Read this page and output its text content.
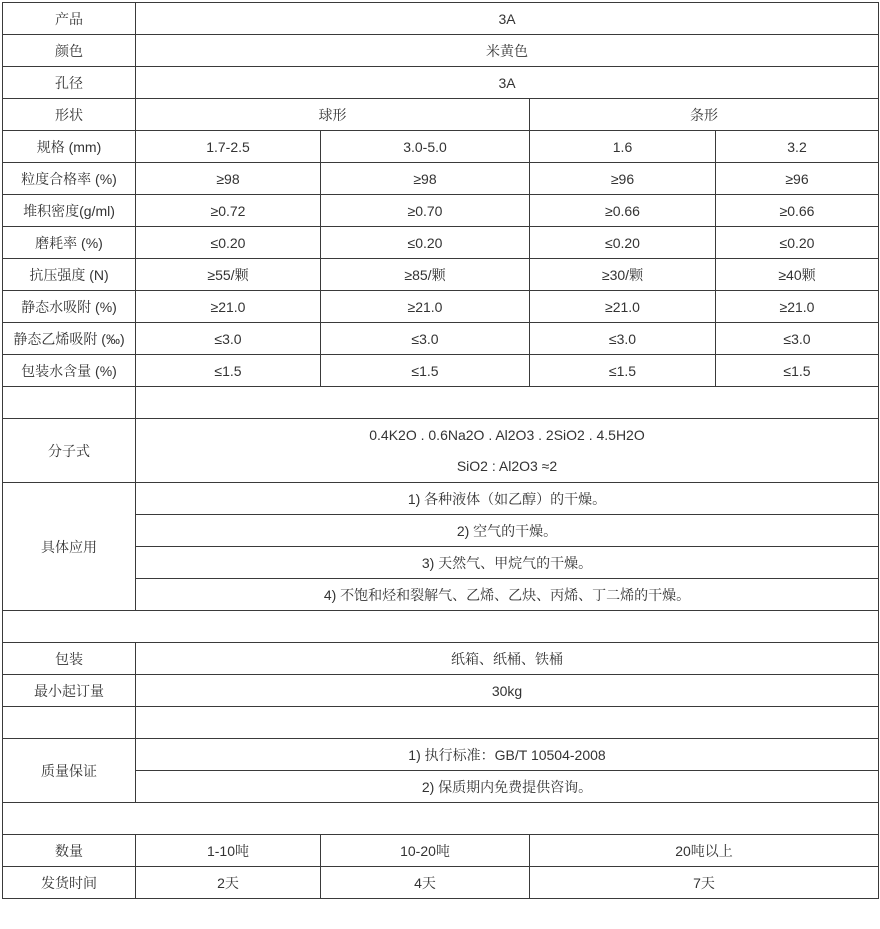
产品	3A			
颜色	米黄色			
孔径	3A			
形状	球形		条形	
规格 (mm)	1.7-2.5	3.0-5.0	1.6	3.2
粒度合格率 (%)	≥98	≥98	≥96	≥96
堆积密度(g/ml)	≥0.72	≥0.70	≥0.66	≥0.66
磨耗率 (%)	≤0.20	≤0.20	≤0.20	≤0.20
抗压强度 (N)	≥55/颗	≥85/颗	≥30/颗	≥40颗
静态水吸附 (%)	≥21.0	≥21.0	≥21.0	≥21.0
静态乙烯吸附 (‰)	≤3.0	≤3.0	≤3.0	≤3.0
包装水含量 (%)	≤1.5	≤1.5	≤1.5	≤1.5

分子式	0.4K2O . 0.6Na2O . Al2O3 . 2SiO2 . 4.5H2O
SiO2 : Al2O3 ≈2			

具体应用	1) 各种液体（如乙醇）的干燥。			
	2) 空气的干燥。			
	3) 天然气、甲烷气的干燥。			
	4) 不饱和烃和裂解气、乙烯、乙炔、丙烯、丁二烯的干燥。			

包装	纸箱、纸桶、铁桶			
最小起订量	30kg			

质量保证	1) 执行标准：GB/T 10504-2008			
	2) 保质期内免费提供咨询。			

数量	1-10吨	10-20吨	20吨以上	
发货时间	2天	4天	7天	
